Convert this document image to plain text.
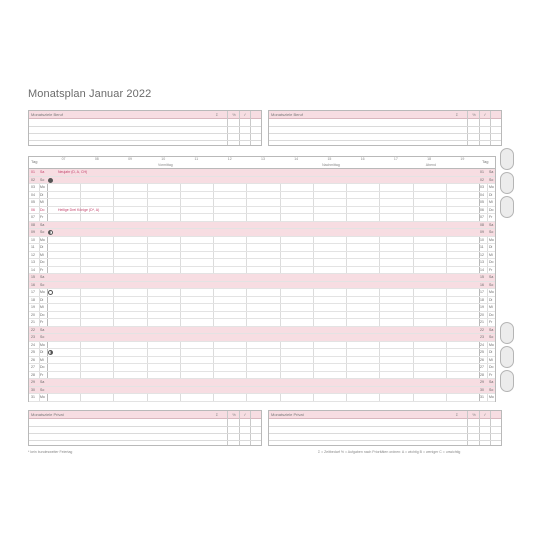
Monatsplan Januar 2022
Monatsziele Beruf	Σ	%	✓	Monatsziele Beruf	Σ	%	✓
Tag	Tag
07	08	09	10	11	12	13	14	15	16	17	18	19
Vormittag	Nachmittag	Abend
01 Sa	01 Sa
Neujahr (D, A, CH)
02 So	02 So
03 Mo	03 Mo
04 Di	04 Di
05 Mi	05 Mi
06 Do	06 Do
Heilige Drei Könige (D*, A)
07 Fr	07 Fr
08 Sa	08 Sa
09 So	09 So
10 Mo	10 Mo
11 Di	11 Di
12 Mi	12 Mi
13 Do	13 Do
14 Fr	14 Fr
15 Sa	15 Sa
16 So	16 So
17 Mo	17 Mo
18 Di	18 Di
19 Mi	19 Mi
20 Do	20 Do
21 Fr	21 Fr
22 Sa	22 Sa
23 So	23 So
24 Mo	24 Mo
25 Di	25 Di
26 Mi	26 Mi
27 Do	27 Do
28 Fr	28 Fr
29 Sa	29 Sa
30 So	30 So
31 Mo	31 Mo
Monatsziele Privat	Σ	%	✓	Monatsziele Privat	Σ	%	✓
* kein bundesweiter Feiertag	Σ = Zeitbedarf % = Aufgaben nach Prioritäten ordnen: A = wichtig B = weniger C = unwichtig
